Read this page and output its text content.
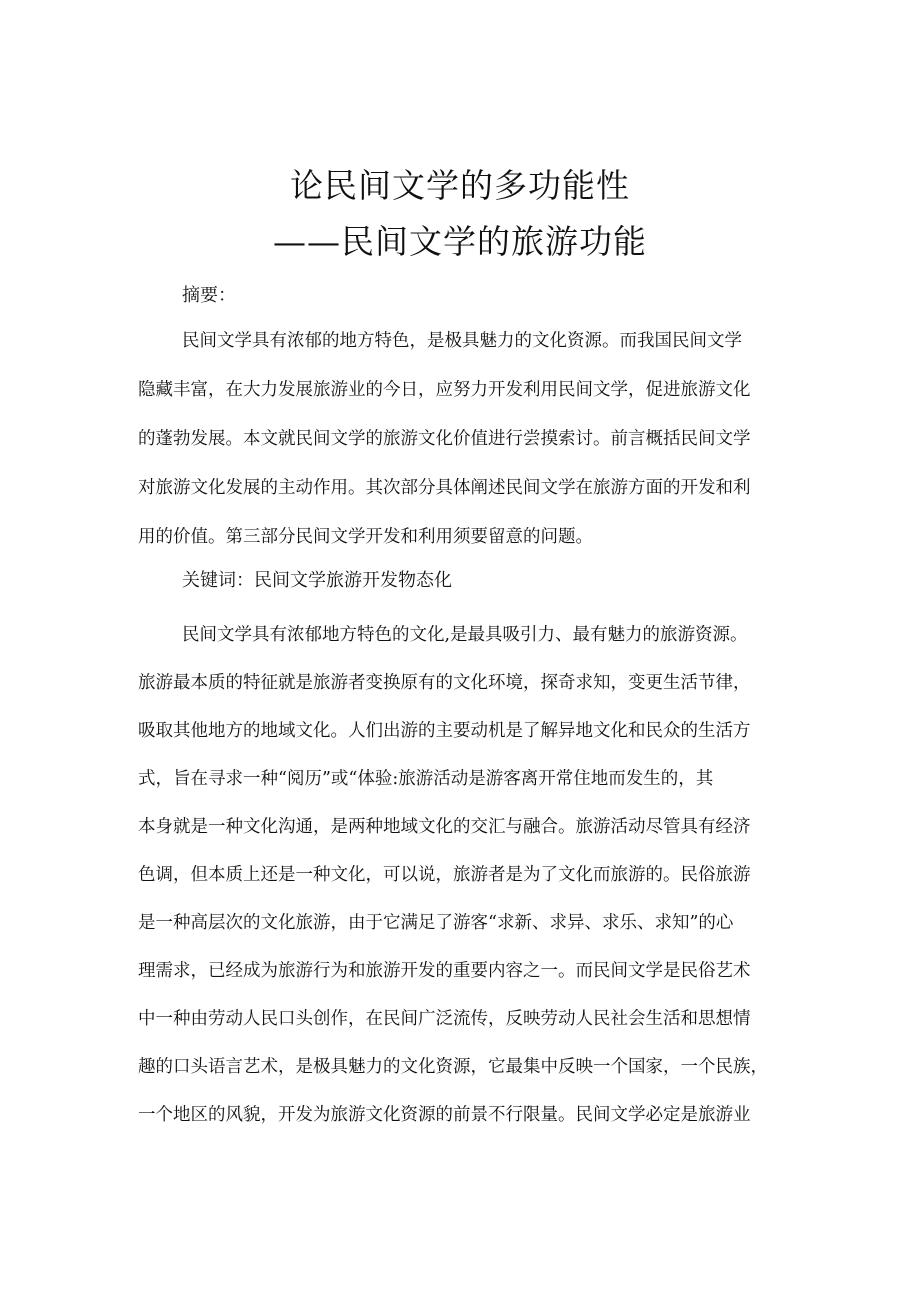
论民间文学的多功能性
——民间文学的旅游功能
摘要：
民间文学具有浓郁的地方特色，是极具魅力的文化资源。而我国民间文学
隐藏丰富，在大力发展旅游业的今日，应努力开发利用民间文学，促进旅游文化
的蓬勃发展。本文就民间文学的旅游文化价值进行尝摸索讨。前言概括民间文学
对旅游文化发展的主动作用。其次部分具体阐述民间文学在旅游方面的开发和利
用的价值。第三部分民间文学开发和利用须要留意的问题。
关键词：民间文学旅游开发物态化
民间文学具有浓郁地方特色的文化,是最具吸引力、最有魅力的旅游资源。
旅游最本质的特征就是旅游者变换原有的文化环境，探奇求知，变更生活节律，
吸取其他地方的地域文化。人们出游的主要动机是了解异地文化和民众的生活方
式，旨在寻求一种“阅历”或“体验:旅游活动是游客离开常住地而发生的，其
本身就是一种文化沟通，是两种地域文化的交汇与融合。旅游活动尽管具有经济
色调，但本质上还是一种文化，可以说，旅游者是为了文化而旅游的。民俗旅游
是一种高层次的文化旅游，由于它满足了游客“求新、求异、求乐、求知”的心
理需求，已经成为旅游行为和旅游开发的重要内容之一。而民间文学是民俗艺术
中一种由劳动人民口头创作，在民间广泛流传，反映劳动人民社会生活和思想情
趣的口头语言艺术，是极具魅力的文化资源，它最集中反映一个国家，一个民族，
一个地区的风貌，开发为旅游文化资源的前景不行限量。民间文学必定是旅游业
